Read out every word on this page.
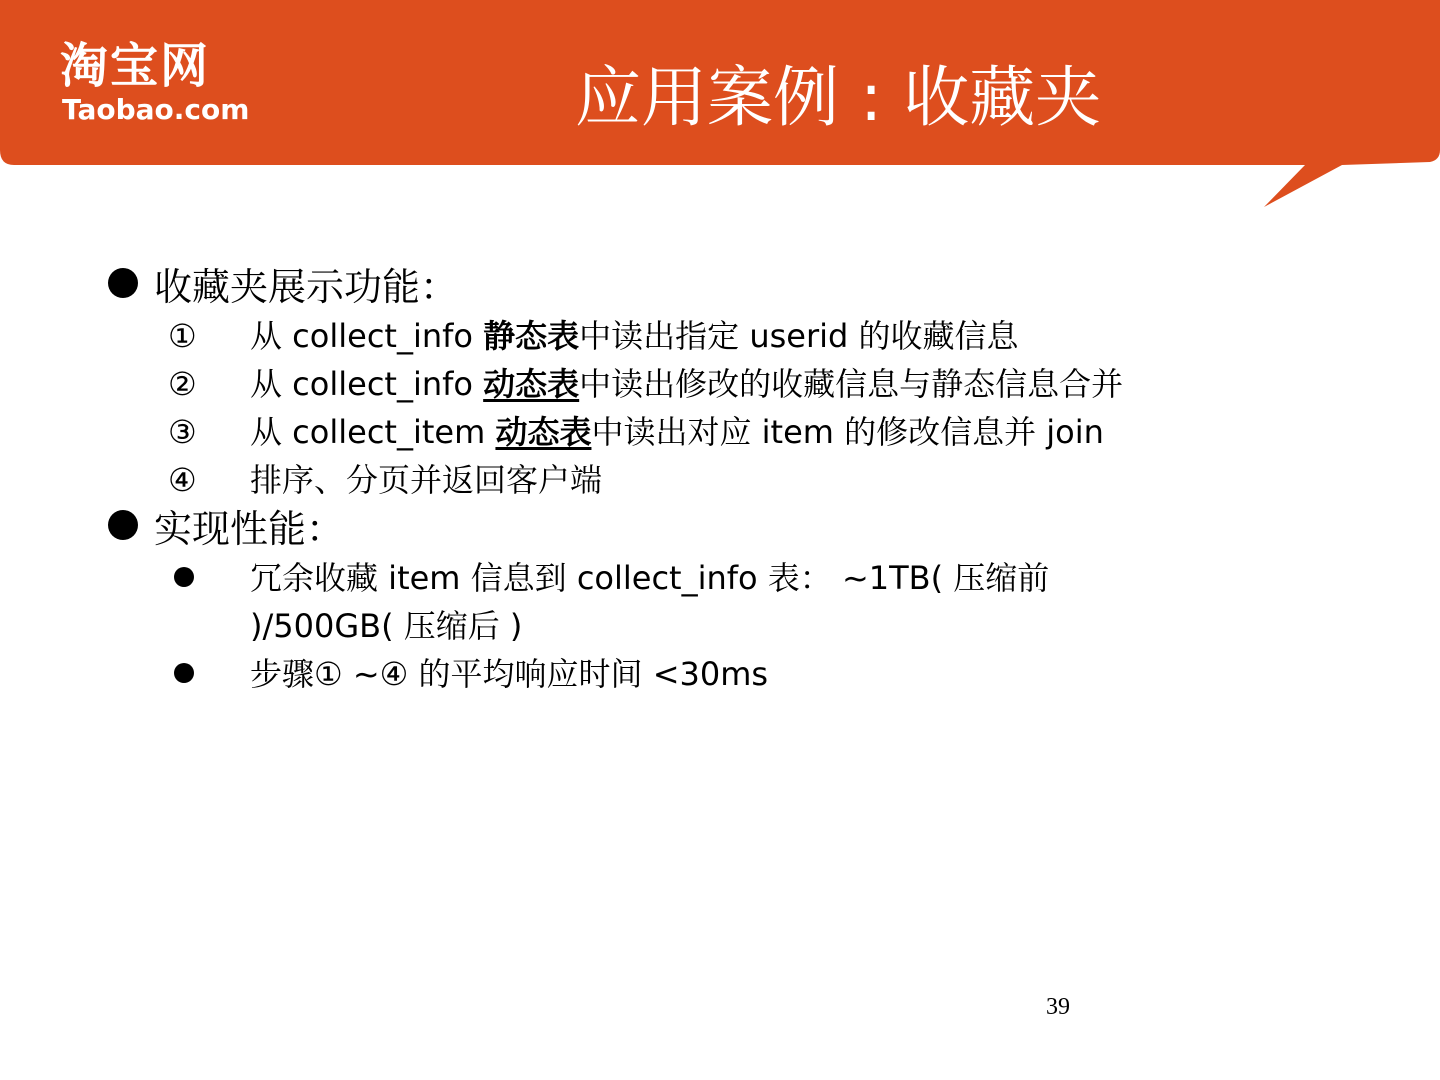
淘宝网
Taobao.com	应用案例 : 收藏夹
收藏夹展示功能：
①	从 collect_info 静态表中读出指定 userid 的收藏信息
②	从 collect_info 动态表中读出修改的收藏信息与静态信息合并
③	从 collect_item 动态表中读出对应 item 的修改信息并 join
④	排序、分页并返回客户端
实现性能：
冗余收藏 item 信息到 collect_info 表： ~1TB( 压缩前 )/500GB( 压缩后 )
步骤① ~④ 的平均响应时间 <30ms
39
